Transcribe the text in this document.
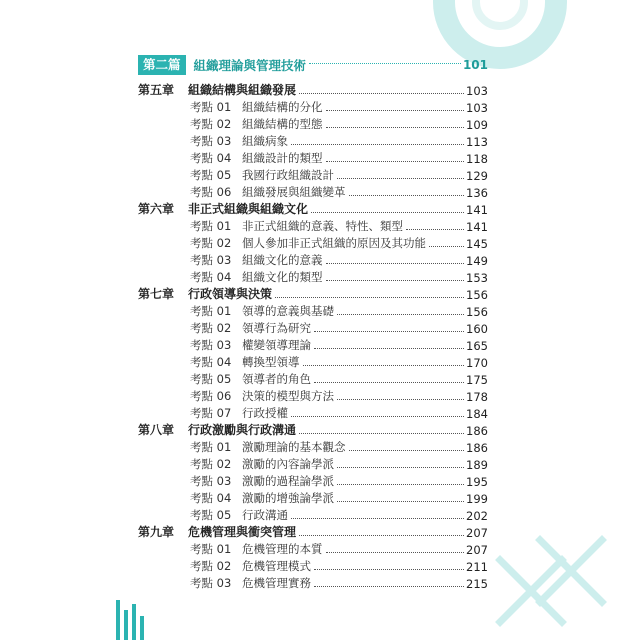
第二篇	組織理論與管理技術	101
第五章	組織結構與組織發展	103
考點 01 組織結構的分化	103
考點 02 組織結構的型態	109
考點 03 組織病象	113
考點 04 組織設計的類型	118
考點 05 我國行政組織設計	129
考點 06 組織發展與組織變革	136
第六章	非正式組織與組織文化	141
考點 01 非正式組織的意義、特性、類型	141
考點 02 個人參加非正式組織的原因及其功能	145
考點 03 組織文化的意義	149
考點 04 組織文化的類型	153
第七章	行政領導與決策	156
考點 01 領導的意義與基礎	156
考點 02 領導行為研究	160
考點 03 權變領導理論	165
考點 04 轉換型領導	170
考點 05 領導者的角色	175
考點 06 決策的模型與方法	178
考點 07 行政授權	184
第八章	行政激勵與行政溝通	186
考點 01 激勵理論的基本觀念	186
考點 02 激勵的內容論學派	189
考點 03 激勵的過程論學派	195
考點 04 激勵的增強論學派	199
考點 05 行政溝通	202
第九章	危機管理與衝突管理	207
考點 01 危機管理的本質	207
考點 02 危機管理模式	211
考點 03 危機管理實務	215
